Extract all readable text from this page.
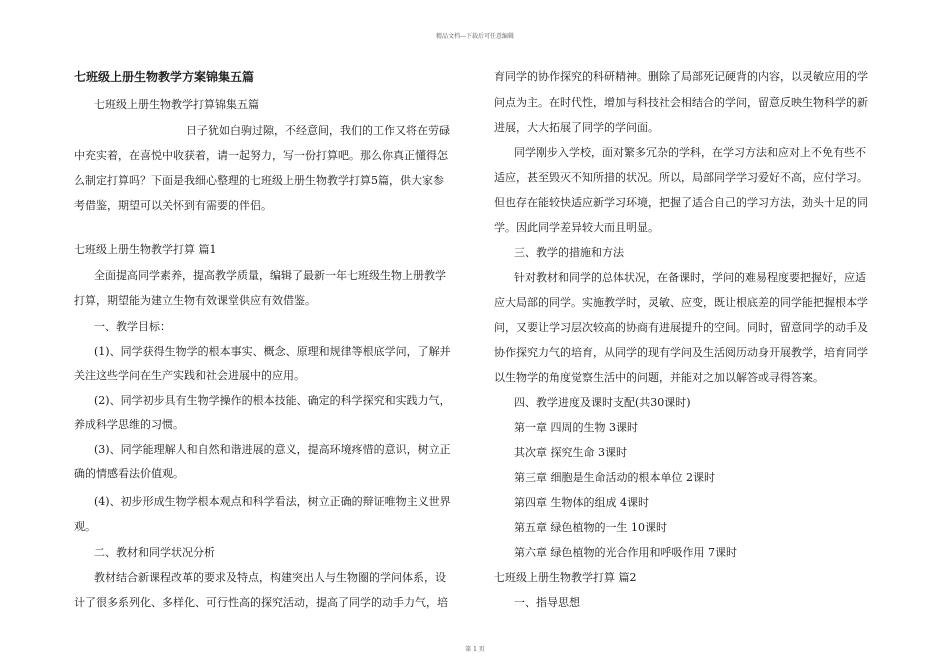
精品文档---下载后可任意编辑
七班级上册生物教学方案锦集五篇
七班级上册生物教学打算锦集五篇
日子犹如白驹过隙，不经意间，我们的工作又将在劳碌
中充实着，在喜悦中收获着，请一起努力，写一份打算吧。那么你真正懂得怎
么制定打算吗？下面是我细心整理的七班级上册生物教学打算5篇，供大家参
考借鉴，期望可以关怀到有需要的伴侣。
七班级上册生物教学打算 篇1
全面提高同学素养，提高教学质量，编辑了最新一年七班级生物上册教学
打算，期望能为建立生物有效课堂供应有效借鉴。
一、教学目标：
(1)、同学获得生物学的根本事实、概念、原理和规律等根底学问，了解并
关注这些学问在生产实践和社会进展中的应用。
(2)、同学初步具有生物学操作的根本技能、确定的科学探究和实践力气，
养成科学思维的习惯。
(3)、同学能理解人和自然和谐进展的意义，提高环境疼惜的意识，树立正
确的情感看法价值观。
(4)、初步形成生物学根本观点和科学看法，树立正确的辩证唯物主义世界
观。
二、教材和同学状况分析
教材结合新课程改革的要求及特点，构建突出人与生物圈的学问体系，设
计了很多系列化、多样化、可行性高的探究活动，提高了同学的动手力气，培
育同学的协作探究的科研精神。删除了局部死记硬背的内容，以灵敏应用的学
问点为主。在时代性，增加与科技社会相结合的学问，留意反映生物科学的新
进展，大大拓展了同学的学问面。
同学刚步入学校，面对繁多冗杂的学科，在学习方法和应对上不免有些不
适应，甚至毁灭不知所措的状况。所以，局部同学学习爱好不高，应付学习。
但也存在能较快适应新学习环境，把握了适合自己的学习方法，劲头十足的同
学。因此同学差异较大而且明显。
三、教学的措施和方法
针对教材和同学的总体状况，在备课时，学问的难易程度要把握好，应适
应大局部的同学。实施教学时，灵敏、应变，既让根底差的同学能把握根本学
问，又要让学习层次较高的协商有进展提升的空间。同时，留意同学的动手及
协作探究力气的培育，从同学的现有学问及生活阅历动身开展教学，培育同学
以生物学的角度觉察生活中的问题，并能对之加以解答或寻得答案。
四、教学进度及课时支配(共30课时)
第一章 四周的生物 3课时
其次章 探究生命 3课时
第三章 细胞是生命活动的根本单位 2课时
第四章 生物体的组成 4课时
第五章 绿色植物的一生 10课时
第六章 绿色植物的光合作用和呼吸作用 7课时
七班级上册生物教学打算 篇2
一、指导思想
第 1 页
